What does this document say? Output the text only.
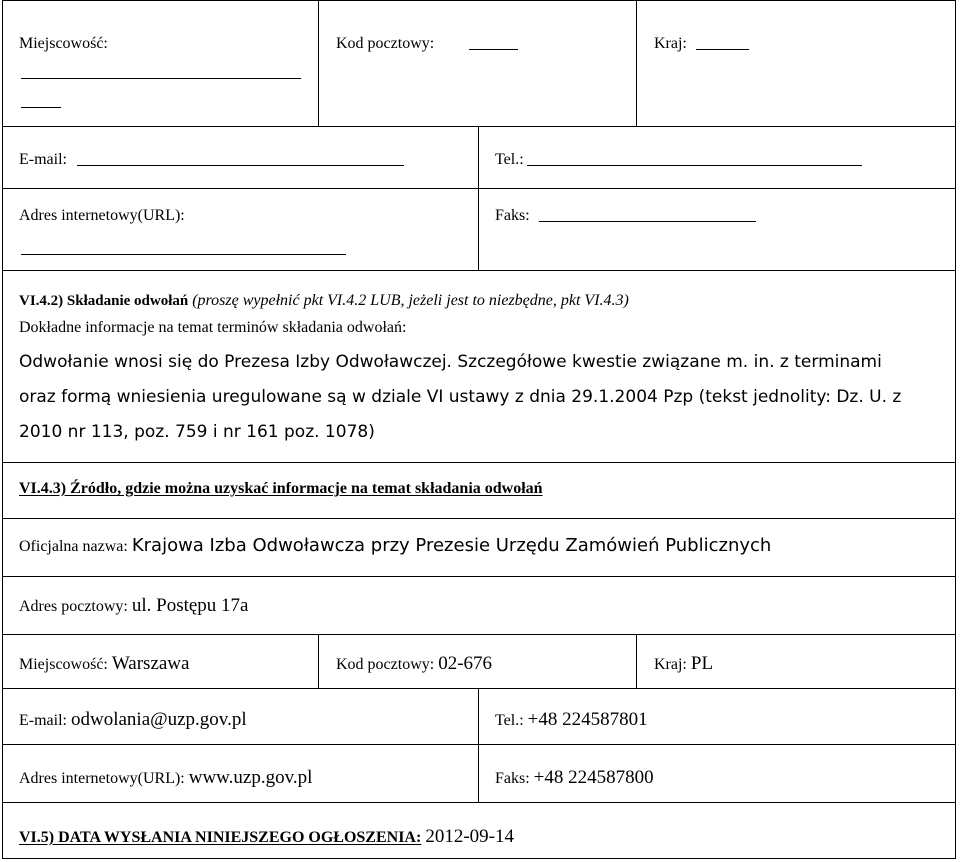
Miejscowość:	Kod pocztowy:	Kraj:
E-mail:	Tel.:
Adres internetowy(URL):	Faks:
VI.4.2) Składanie odwołań (proszę wypełnić pkt VI.4.2 LUB, jeżeli jest to niezbędne, pkt VI.4.3)
Dokładne informacje na temat terminów składania odwołań:
Odwołanie wnosi się do Prezesa Izby Odwoławczej. Szczegółowe kwestie związane m. in. z terminami
oraz formą wniesienia uregulowane są w dziale VI ustawy z dnia 29.1.2004 Pzp (tekst jednolity: Dz. U. z
2010 nr 113, poz. 759 i nr 161 poz. 1078)
VI.4.3) Źródło, gdzie można uzyskać informacje na temat składania odwołań
Oficjalna nazwa: Krajowa Izba Odwoławcza przy Prezesie Urzędu Zamówień Publicznych
Adres pocztowy: ul. Postępu 17a
Miejscowość: Warszawa	Kod pocztowy: 02-676	Kraj: PL
E-mail: odwolania@uzp.gov.pl	Tel.: +48 224587801
Adres internetowy(URL): www.uzp.gov.pl	Faks: +48 224587800
VI.5) DATA WYSŁANIA NINIEJSZEGO OGŁOSZENIA: 2012-09-14
